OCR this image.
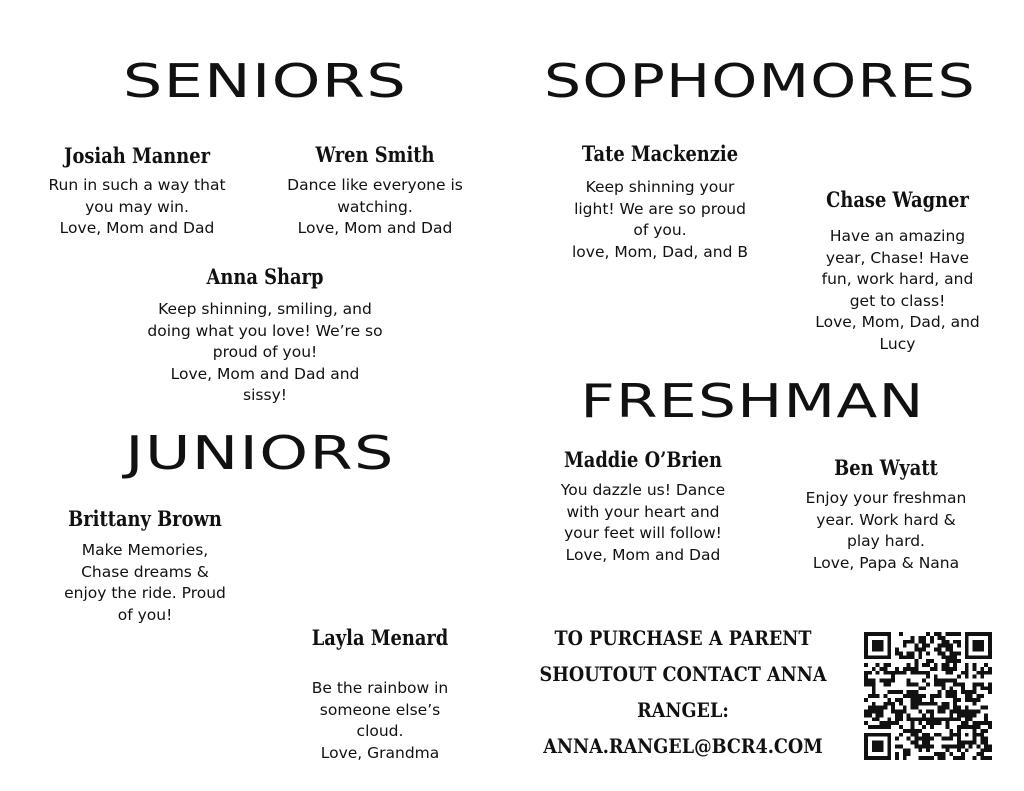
SENIORS	SOPHOMORES
JUNIORS
FRESHMAN
Josiah Manner
Run in such a way that
you may win.
Love, Mom and Dad
Wren Smith
Dance like everyone is
watching.
Love, Mom and Dad
Anna Sharp
Keep shinning, smiling, and
doing what you love! We’re so
proud of you!
Love, Mom and Dad and
sissy!
Tate Mackenzie
Keep shinning your
light! We are so proud
of you.
love, Mom, Dad, and B
Chase Wagner
Have an amazing
year, Chase! Have
fun, work hard, and
get to class!
Love, Mom, Dad, and
Lucy
Brittany Brown
Make Memories,
Chase dreams &
enjoy the ride. Proud
of you!
Layla Menard
Be the rainbow in
someone else’s
cloud.
Love, Grandma
Maddie O’Brien
You dazzle us! Dance
with your heart and
your feet will follow!
Love, Mom and Dad
Ben Wyatt
Enjoy your freshman
year. Work hard &
play hard.
Love, Papa & Nana
TO PURCHASE A PARENT
SHOUTOUT CONTACT ANNA
RANGEL:
ANNA.RANGEL@BCR4.COM
